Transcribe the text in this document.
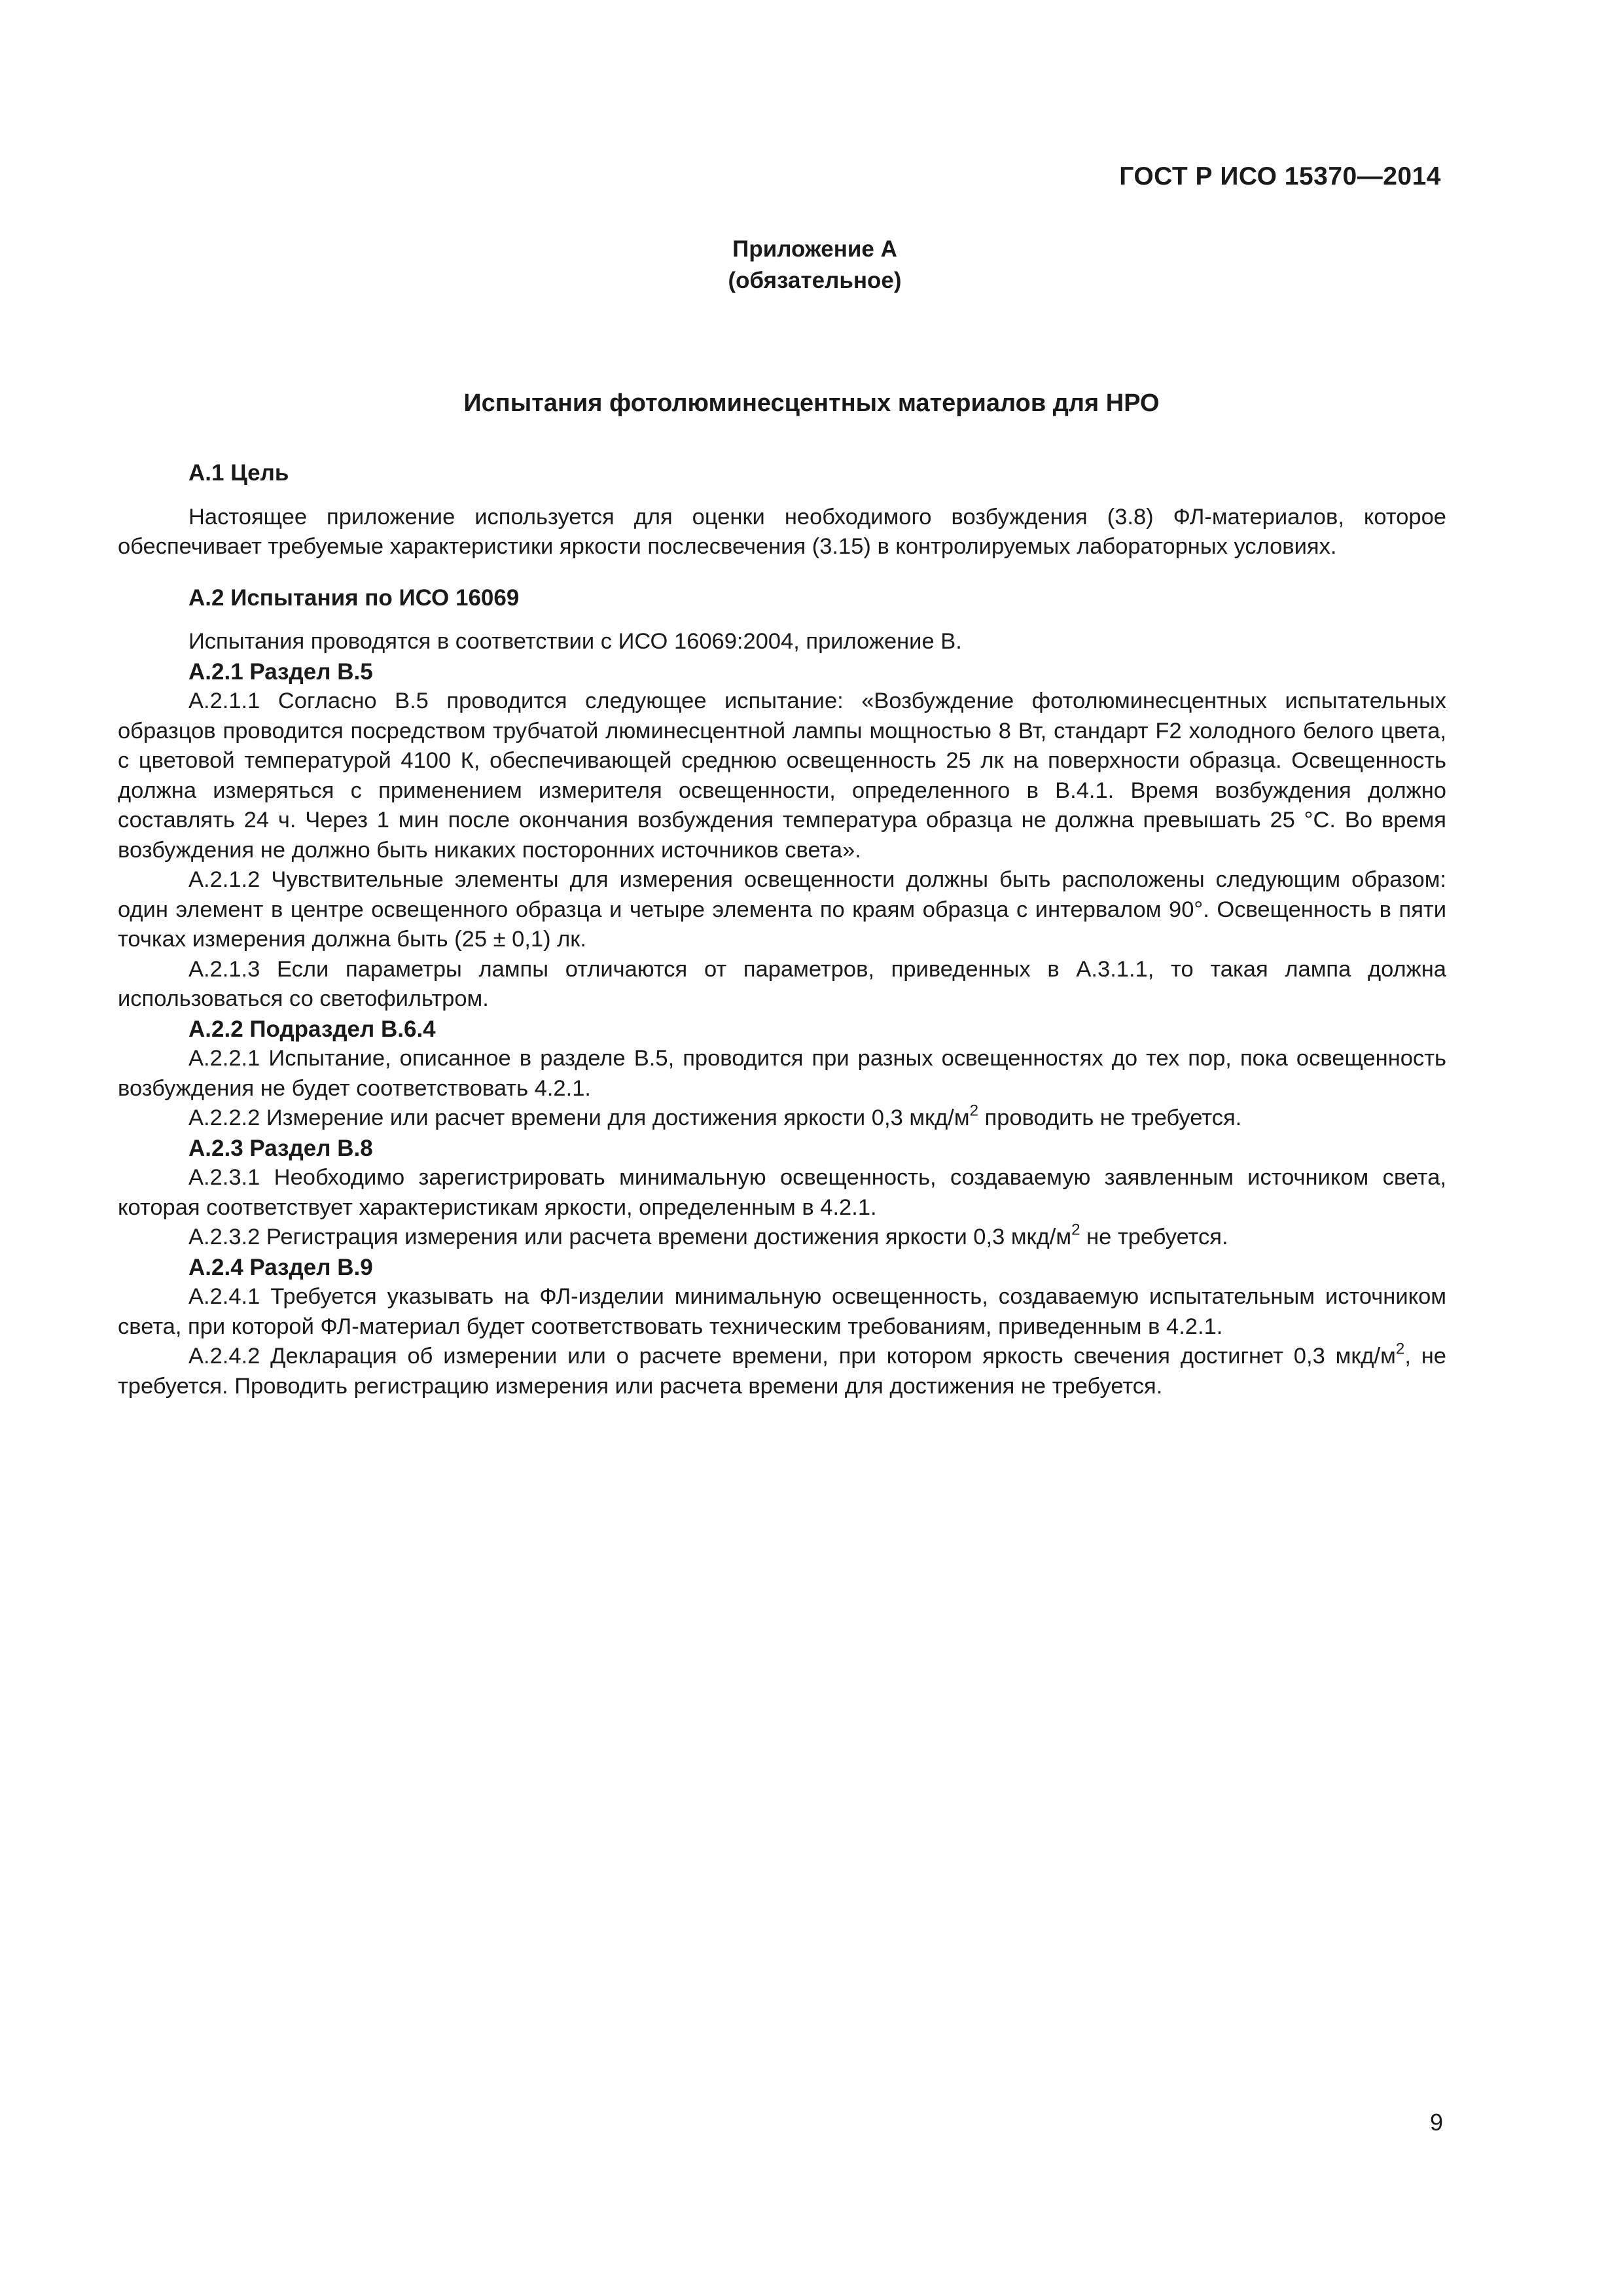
ГОСТ Р ИСО 15370—2014
Приложение А
(обязательное)
Испытания фотолюминесцентных материалов для НРО
А.1 Цель

Настоящее приложение используется для оценки необходимого возбуждения (3.8) ФЛ-материалов, которое обеспечивает требуемые характеристики яркости послесвечения (3.15) в контролируемых лабораторных условиях.

А.2 Испытания по ИСО 16069

Испытания проводятся в соответствии с ИСО 16069:2004, приложение В.

А.2.1 Раздел В.5

А.2.1.1 Согласно В.5 проводится следующее испытание: «Возбуждение фотолюминесцентных испытательных образцов проводится посредством трубчатой люминесцентной лампы мощностью 8 Вт, стандарт F2 холодного белого цвета, с цветовой температурой 4100 К, обеспечивающей среднюю освещенность 25 лк на поверхности образца. Освещенность должна измеряться с применением измерителя освещенности, определенного в В.4.1. Время возбуждения должно составлять 24 ч. Через 1 мин после окончания возбуждения температура образца не должна превышать 25 °С. Во время возбуждения не должно быть никаких посторонних источников света».

А.2.1.2 Чувствительные элементы для измерения освещенности должны быть расположены следующим образом: один элемент в центре освещенного образца и четыре элемента по краям образца с интервалом 90°. Освещенность в пяти точках измерения должна быть (25 ± 0,1) лк.

А.2.1.3 Если параметры лампы отличаются от параметров, приведенных в А.3.1.1, то такая лампа должна использоваться со светофильтром.

А.2.2 Подраздел В.6.4

А.2.2.1 Испытание, описанное в разделе В.5, проводится при разных освещенностях до тех пор, пока освещенность возбуждения не будет соответствовать 4.2.1.

А.2.2.2 Измерение или расчет времени для достижения яркости 0,3 мкд/$м^2$ проводить не требуется.

А.2.3 Раздел В.8

А.2.3.1 Необходимо зарегистрировать минимальную освещенность, создаваемую заявленным источником света, которая соответствует характеристикам яркости, определенным в 4.2.1.

А.2.3.2 Регистрация измерения или расчета времени достижения яркости 0,3 мкд/$м^2$ не требуется.

А.2.4 Раздел В.9

А.2.4.1 Требуется указывать на ФЛ-изделии минимальную освещенность, создаваемую испытательным источником света, при которой ФЛ-материал будет соответствовать техническим требованиям, приведенным в 4.2.1.

А.2.4.2 Декларация об измерении или о расчете времени, при котором яркость свечения достигнет 0,3 мкд/$м^2$, не требуется. Проводить регистрацию измерения или расчета времени для достижения не требуется.

9
